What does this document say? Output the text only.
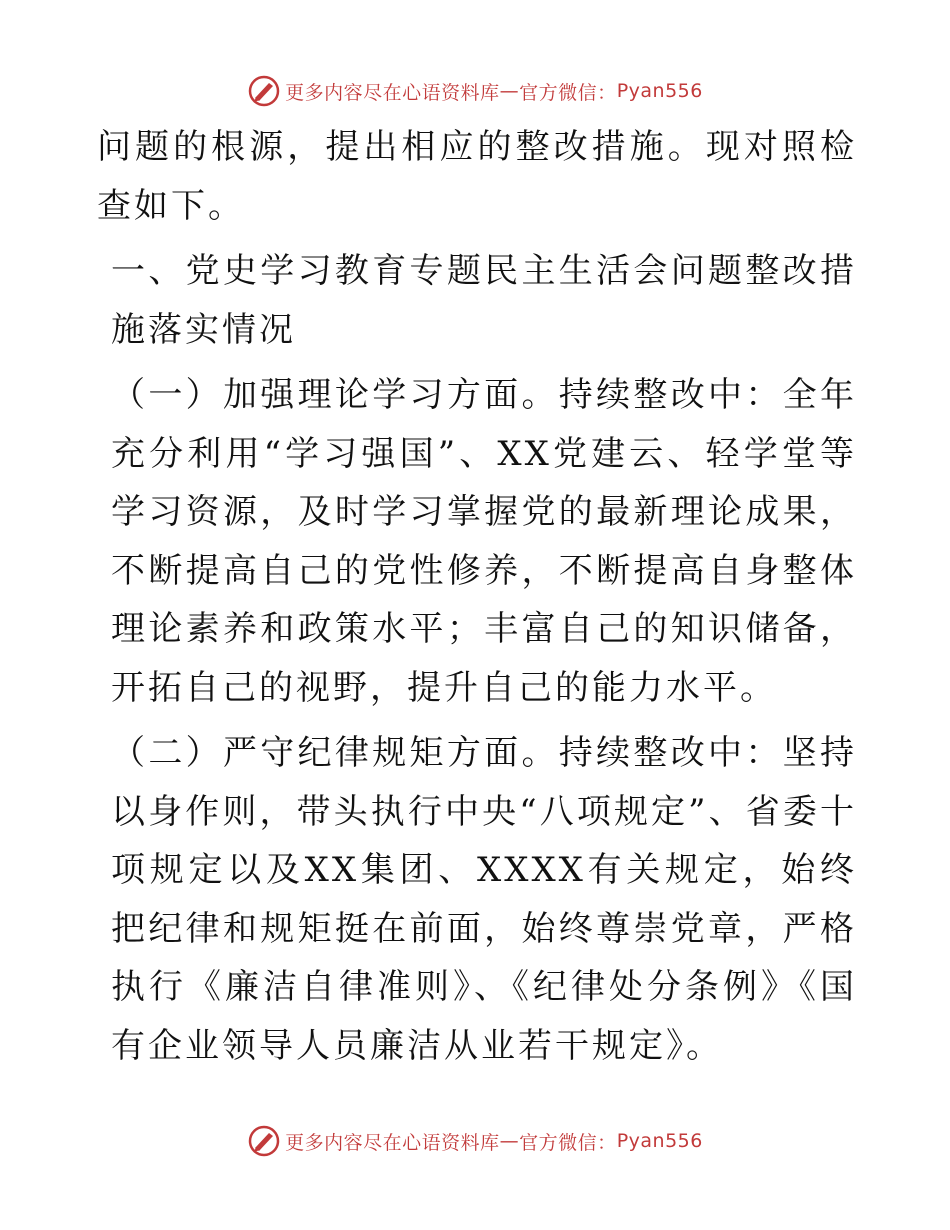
更多内容尽在心语资料库 — 官方微信： Pyan556

问题的根源，提出相应的整改措施。现对照检查如下。

一、党史学习教育专题民主生活会问题整改措施落实情况

（一）加强理论学习方面。持续整改中：全年充分利用“学习强国”、XX党建云、轻学堂等学习资源，及时学习掌握党的最新理论成果，不断提高自己的党性修养，不断提高自身整体理论素养和政策水平；丰富自己的知识储备，开拓自己的视野，提升自己的能力水平。

（二）严守纪律规矩方面。持续整改中：坚持以身作则，带头执行中央“八项规定”、省委十项规定以及XX集团、XXXX有关规定，始终把纪律和规矩挺在前面，始终尊崇党章，严格执行《廉洁自律准则》、《纪律处分条例》《国有企业领导人员廉洁从业若干规定》。

更多内容尽在心语资料库 — 官方微信： Pyan556
